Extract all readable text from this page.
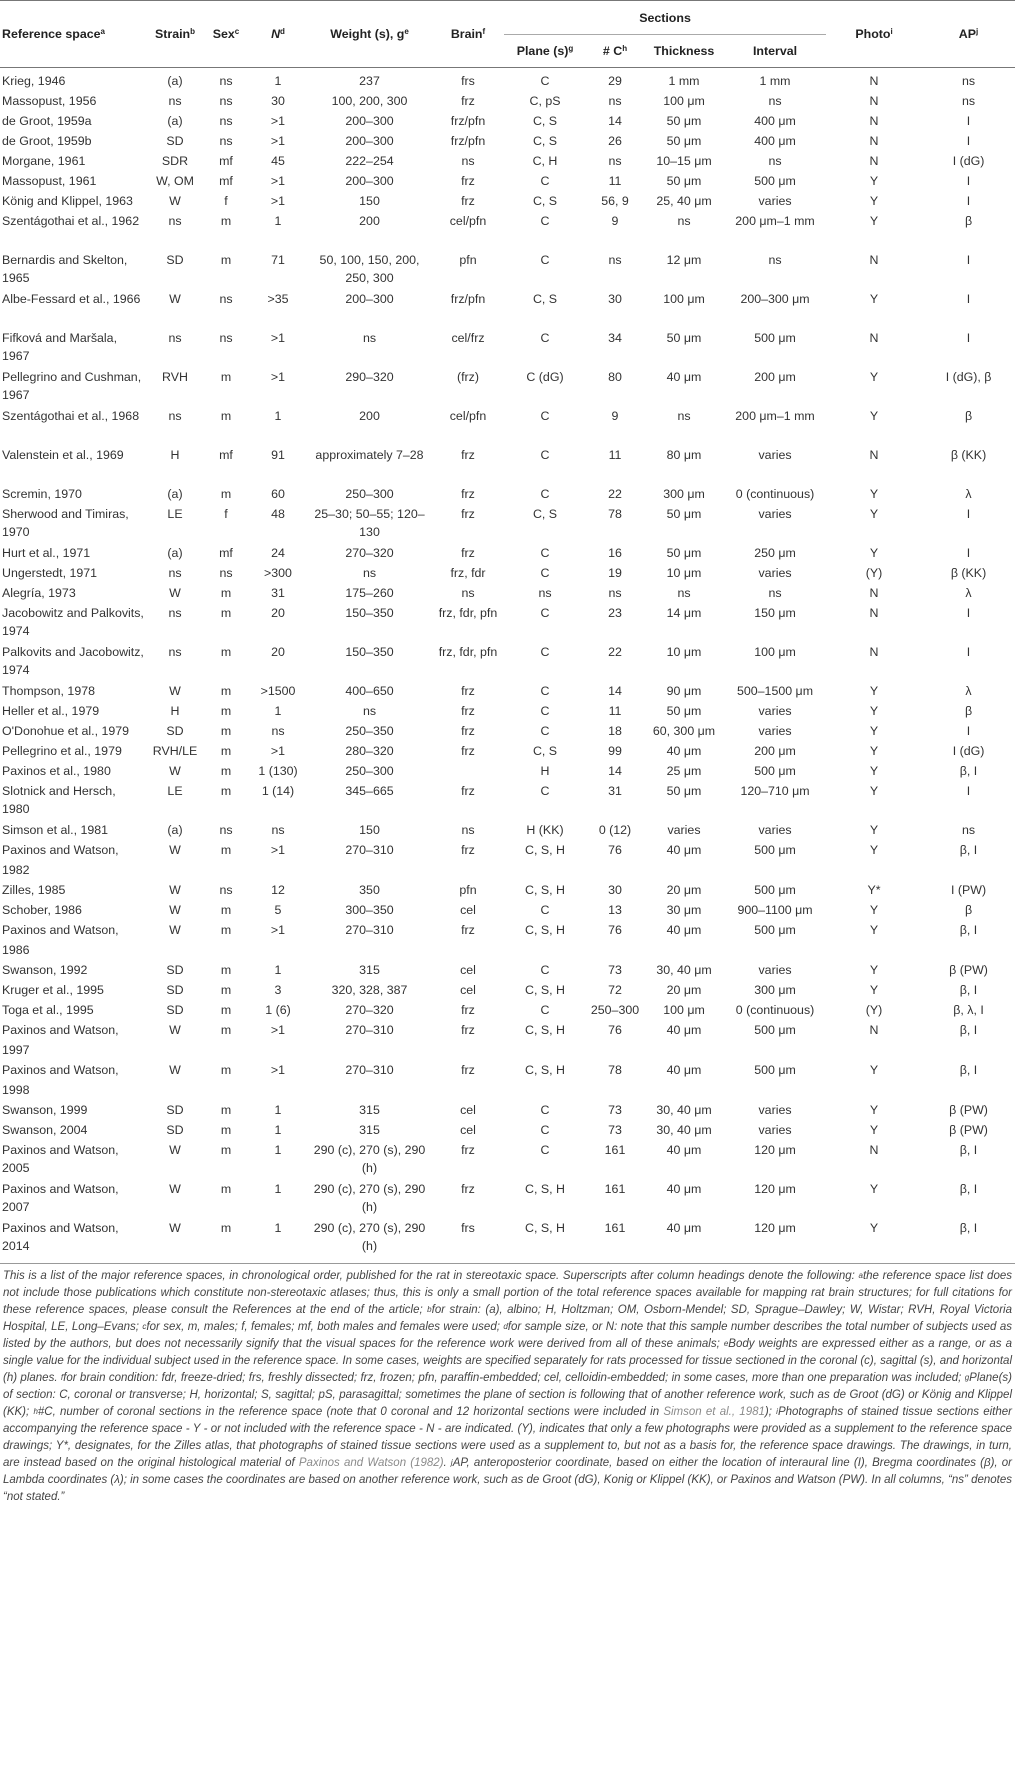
Reference space$^a$	Strain$^b$	Sex$^c$	$N^d$	Weight (s), $g^e$	Brain$^f$	Sections				Photo$^i$	$AP^j$
						Plane $(s)^g$	# $C^h$	Thickness	Interval		
Krieg, 1946	(a)	ns	1	237	frs	C	29	1 mm	1 mm	N	ns
Massopust, 1956	ns	ns	30	100, 200, 300	frz	C, pS	ns	100 μm	ns	N	ns
de Groot, 1959a	(a)	ns	>1	200–300	frz/pfn	C, S	14	50 μm	400 μm	N	I
de Groot, 1959b	SD	ns	>1	200–300	frz/pfn	C, S	26	50 μm	400 μm	N	I
Morgane, 1961	SDR	mf	45	222–254	ns	C, H	ns	10–15 μm	ns	N	I (dG)
Massopust, 1961	W, OM	mf	>1	200–300	frz	C	11	50 μm	500 μm	Y	I
König and Klippel, 1963	W	f	>1	150	frz	C, S	56, 9	25, 40 μm	varies	Y	I
Szentágothai et al., 1962	ns	m	1	200	cel/pfn	C	9	ns	200 μm–1 mm	Y	β
Bernardis and Skelton, 1965	SD	m	71	50, 100, 150, 200, 250, 300	pfn	C	ns	12 μm	ns	N	I
Albe-Fessard et al., 1966	W	ns	>35	200–300	frz/pfn	C, S	30	100 μm	200–300 μm	Y	I
Fifková and Maršala, 1967	ns	ns	>1	ns	cel/frz	C	34	50 μm	500 μm	N	I
Pellegrino and Cushman, 1967	RVH	m	>1	290–320	(frz)	C (dG)	80	40 μm	200 μm	Y	I (dG), β
Szentágothai et al., 1968	ns	m	1	200	cel/pfn	C	9	ns	200 μm–1 mm	Y	β
Valenstein et al., 1969	H	mf	91	approximately 7–28	frz	C	11	80 μm	varies	N	β (KK)
Scremin, 1970	(a)	m	60	250–300	frz	C	22	300 μm	0 (continuous)	Y	λ
Sherwood and Timiras, 1970	LE	f	48	25–30; 50–55; 120–130	frz	C, S	78	50 μm	varies	Y	I
Hurt et al., 1971	(a)	mf	24	270–320	frz	C	16	50 μm	250 μm	Y	I
Ungerstedt, 1971	ns	ns	>300	ns	frz, fdr	C	19	10 μm	varies	(Y)	β (KK)
Alegría, 1973	W	m	31	175–260	ns	ns	ns	ns	ns	N	λ
Jacobowitz and Palkovits, 1974	ns	m	20	150–350	frz, fdr, pfn	C	23	14 μm	150 μm	N	I
Palkovits and Jacobowitz, 1974	ns	m	20	150–350	frz, fdr, pfn	C	22	10 μm	100 μm	N	I
Thompson, 1978	W	m	>1500	400–650	frz	C	14	90 μm	500–1500 μm	Y	λ
Heller et al., 1979	H	m	1	ns	frz	C	11	50 μm	varies	Y	β
O'Donohue et al., 1979	SD	m	ns	250–350	frz	C	18	60, 300 μm	varies	Y	I
Pellegrino et al., 1979	RVH/LE	m	>1	280–320	frz	C, S	99	40 μm	200 μm	Y	I (dG)
Paxinos et al., 1980	W	m	1 (130)	250–300		H	14	25 μm	500 μm	Y	β, I
Slotnick and Hersch, 1980	LE	m	1 (14)	345–665	frz	C	31	50 μm	120–710 μm	Y	I
Simson et al., 1981	(a)	ns	ns	150	ns	H (KK)	0 (12)	varies	varies	Y	ns
Paxinos and Watson, 1982	W	m	>1	270–310	frz	C, S, H	76	40 μm	500 μm	Y	β, I
Zilles, 1985	W	ns	12	350	pfn	C, S, H	30	20 μm	500 μm	Y*	I (PW)
Schober, 1986	W	m	5	300–350	cel	C	13	30 μm	900–1100 μm	Y	β
Paxinos and Watson, 1986	W	m	>1	270–310	frz	C, S, H	76	40 μm	500 μm	Y	β, I
Swanson, 1992	SD	m	1	315	cel	C	73	30, 40 μm	varies	Y	β (PW)
Kruger et al., 1995	SD	m	3	320, 328, 387	cel	C, S, H	72	20 μm	300 μm	Y	β, I
Toga et al., 1995	SD	m	1 (6)	270–320	frz	C	250–300	100 μm	0 (continuous)	(Y)	β, λ, I
Paxinos and Watson, 1997	W	m	>1	270–310	frz	C, S, H	76	40 μm	500 μm	N	β, I
Paxinos and Watson, 1998	W	m	>1	270–310	frz	C, S, H	78	40 μm	500 μm	Y	β, I
Swanson, 1999	SD	m	1	315	cel	C	73	30, 40 μm	varies	Y	β (PW)
Swanson, 2004	SD	m	1	315	cel	C	73	30, 40 μm	varies	Y	β (PW)
Paxinos and Watson, 2005	W	m	1	290 (c), 270 (s), 290 (h)	frz	C	161	40 μm	120 μm	N	β, I
Paxinos and Watson, 2007	W	m	1	290 (c), 270 (s), 290 (h)	frz	C, S, H	161	40 μm	120 μm	Y	β, I
Paxinos and Watson, 2014	W	m	1	290 (c), 270 (s), 290 (h)	frs	C, S, H	161	40 μm	120 μm	Y	β, I
This is a list of the major reference spaces, in chronological order, published for the rat in stereotaxic space. Superscripts after column headings denote the following: $^a$the reference space list does not include those publications which constitute non-stereotaxic atlases; thus, this is only a small portion of the total reference spaces available for mapping rat brain structures; for full citations for these reference spaces, please consult the References at the end of the article; $^b$for strain: (a), albino; H, Holtzman; OM, Osborn-Mendel; SD, Sprague–Dawley; W, Wistar; RVH, Royal Victoria Hospital, LE, Long–Evans; $^c$for sex, m, males; f, females; mf, both males and females were used; $^d$for sample size, or N: note that this sample number describes the total number of subjects used as listed by the authors, but does not necessarily signify that the visual spaces for the reference work were derived from all of these animals; $^e$Body weights are expressed either as a range, or as a single value for the individual subject used in the reference space. In some cases, weights are specified separately for rats processed for tissue sectioned in the coronal (c), sagittal (s), and horizontal (h) planes. $^f$for brain condition: fdr, freeze-dried; frs, freshly dissected; frz, frozen; pfn, paraffin-embedded; cel, celloidin-embedded; in some cases, more than one preparation was included; $^g$Plane(s) of section: C, coronal or transverse; H, horizontal; S, sagittal; pS, parasagittal; sometimes the plane of section is following that of another reference work, such as de Groot (dG) or König and Klippel (KK); $^h$#C, number of coronal sections in the reference space (note that 0 coronal and 12 horizontal sections were included in Simson et al., 1981); $^i$Photographs of stained tissue sections either accompanying the reference space - Y - or not included with the reference space - N - are indicated. (Y), indicates that only a few photographs were provided as a supplement to the reference space drawings; Y*, designates, for the Zilles atlas, that photographs of stained tissue sections were used as a supplement to, but not as a basis for, the reference space drawings. The drawings, in turn, are instead based on the original histological material of Paxinos and Watson (1982). $^j$AP, anteroposterior coordinate, based on either the location of interaural line (I), Bregma coordinates (β), or Lambda coordinates (λ); in some cases the coordinates are based on another reference work, such as de Groot (dG), Konig or Klippel (KK), or Paxinos and Watson (PW). In all columns, “ns” denotes “not stated.”
